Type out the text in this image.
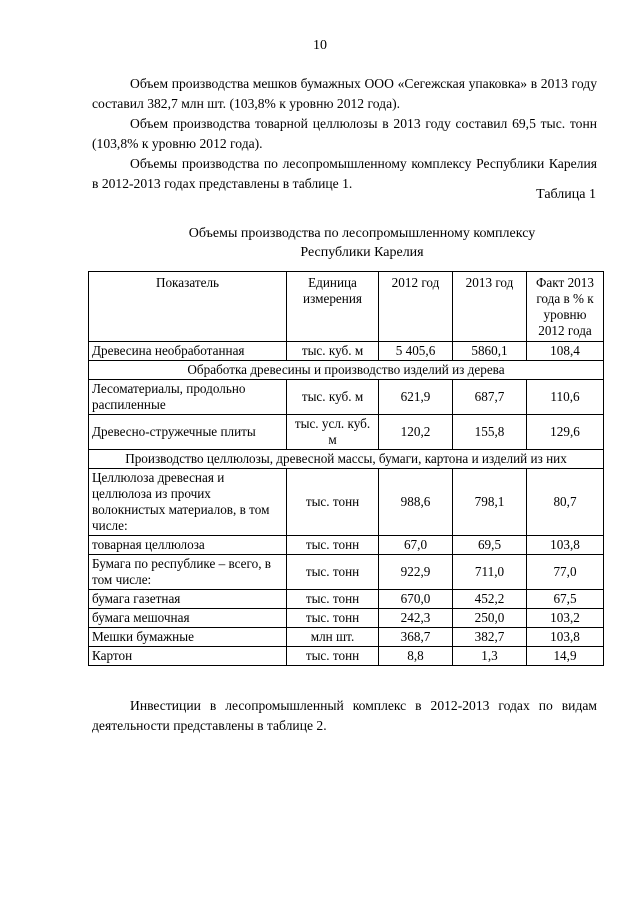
10

Объем производства мешков бумажных ООО «Сегежская упаковка» в 2013 году составил 382,7 млн шт. (103,8% к уровню 2012 года).

Объем производства товарной целлюлозы в 2013 году составил 69,5 тыс. тонн (103,8% к уровню 2012 года).

Объемы производства по лесопромышленному комплексу Республики Карелия в 2012-2013 годах представлены в таблице 1.

Таблица 1
Объемы производства по лесопромышленному комплексу
Республики Карелия
Показатель	Единица измерения	2012 год	2013 год	Факт 2013 года в % к уровню 2012 года
Древесина необработанная	тыс. куб. м	5 405,6	5860,1	108,4
Обработка древесины и производство изделий из дерева				
Лесоматериалы, продольно распиленные	тыс. куб. м	621,9	687,7	110,6
Древесно-стружечные плиты	тыс. усл. куб. м	120,2	155,8	129,6
Производство целлюлозы, древесной массы, бумаги, картона и изделий из них				
Целлюлоза древесная и целлюлоза из прочих волокнистых материалов, в том числе:	тыс. тонн	988,6	798,1	80,7
товарная целлюлоза	тыс. тонн	67,0	69,5	103,8
Бумага по республике – всего, в том числе:	тыс. тонн	922,9	711,0	77,0
бумага газетная	тыс. тонн	670,0	452,2	67,5
бумага мешочная	тыс. тонн	242,3	250,0	103,2
Мешки бумажные	млн шт.	368,7	382,7	103,8
Картон	тыс. тонн	8,8	1,3	14,9

Инвестиции в лесопромышленный комплекс в 2012-2013 годах по видам деятельности представлены в таблице 2.
